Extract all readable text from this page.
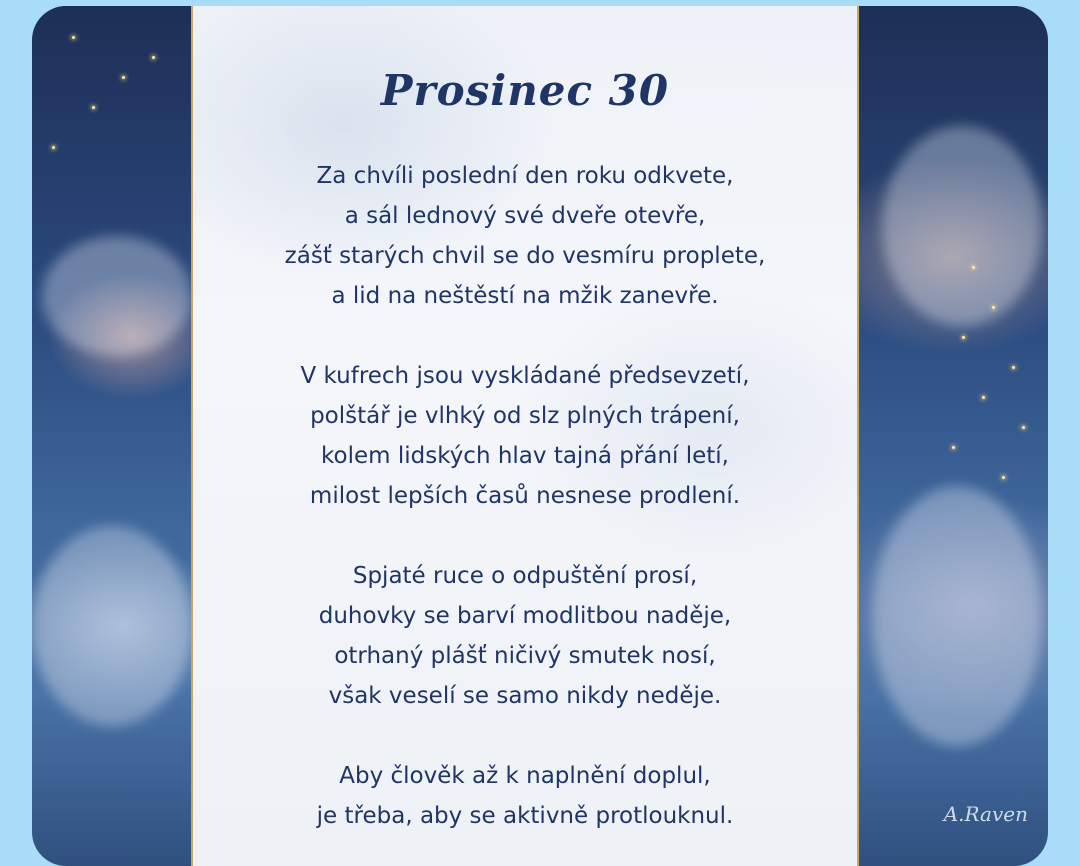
Prosinec 30
Za chvíli poslední den roku odkvete,
a sál lednový své dveře otevře,
zášť starých chvil se do vesmíru proplete,
a lid na neštěstí na mžik zanevře.
V kufrech jsou vyskládané předsevzetí,
polštář je vlhký od slz plných trápení,
kolem lidských hlav tajná přání letí,
milost lepších časů nesnese prodlení.
Spjaté ruce o odpuštění prosí,
duhovky se barví modlitbou naděje,
otrhaný plášť ničivý smutek nosí,
však veselí se samo nikdy neděje.
Aby člověk až k naplnění doplul,
je třeba, aby se aktivně protlouknul.	A.Raven
